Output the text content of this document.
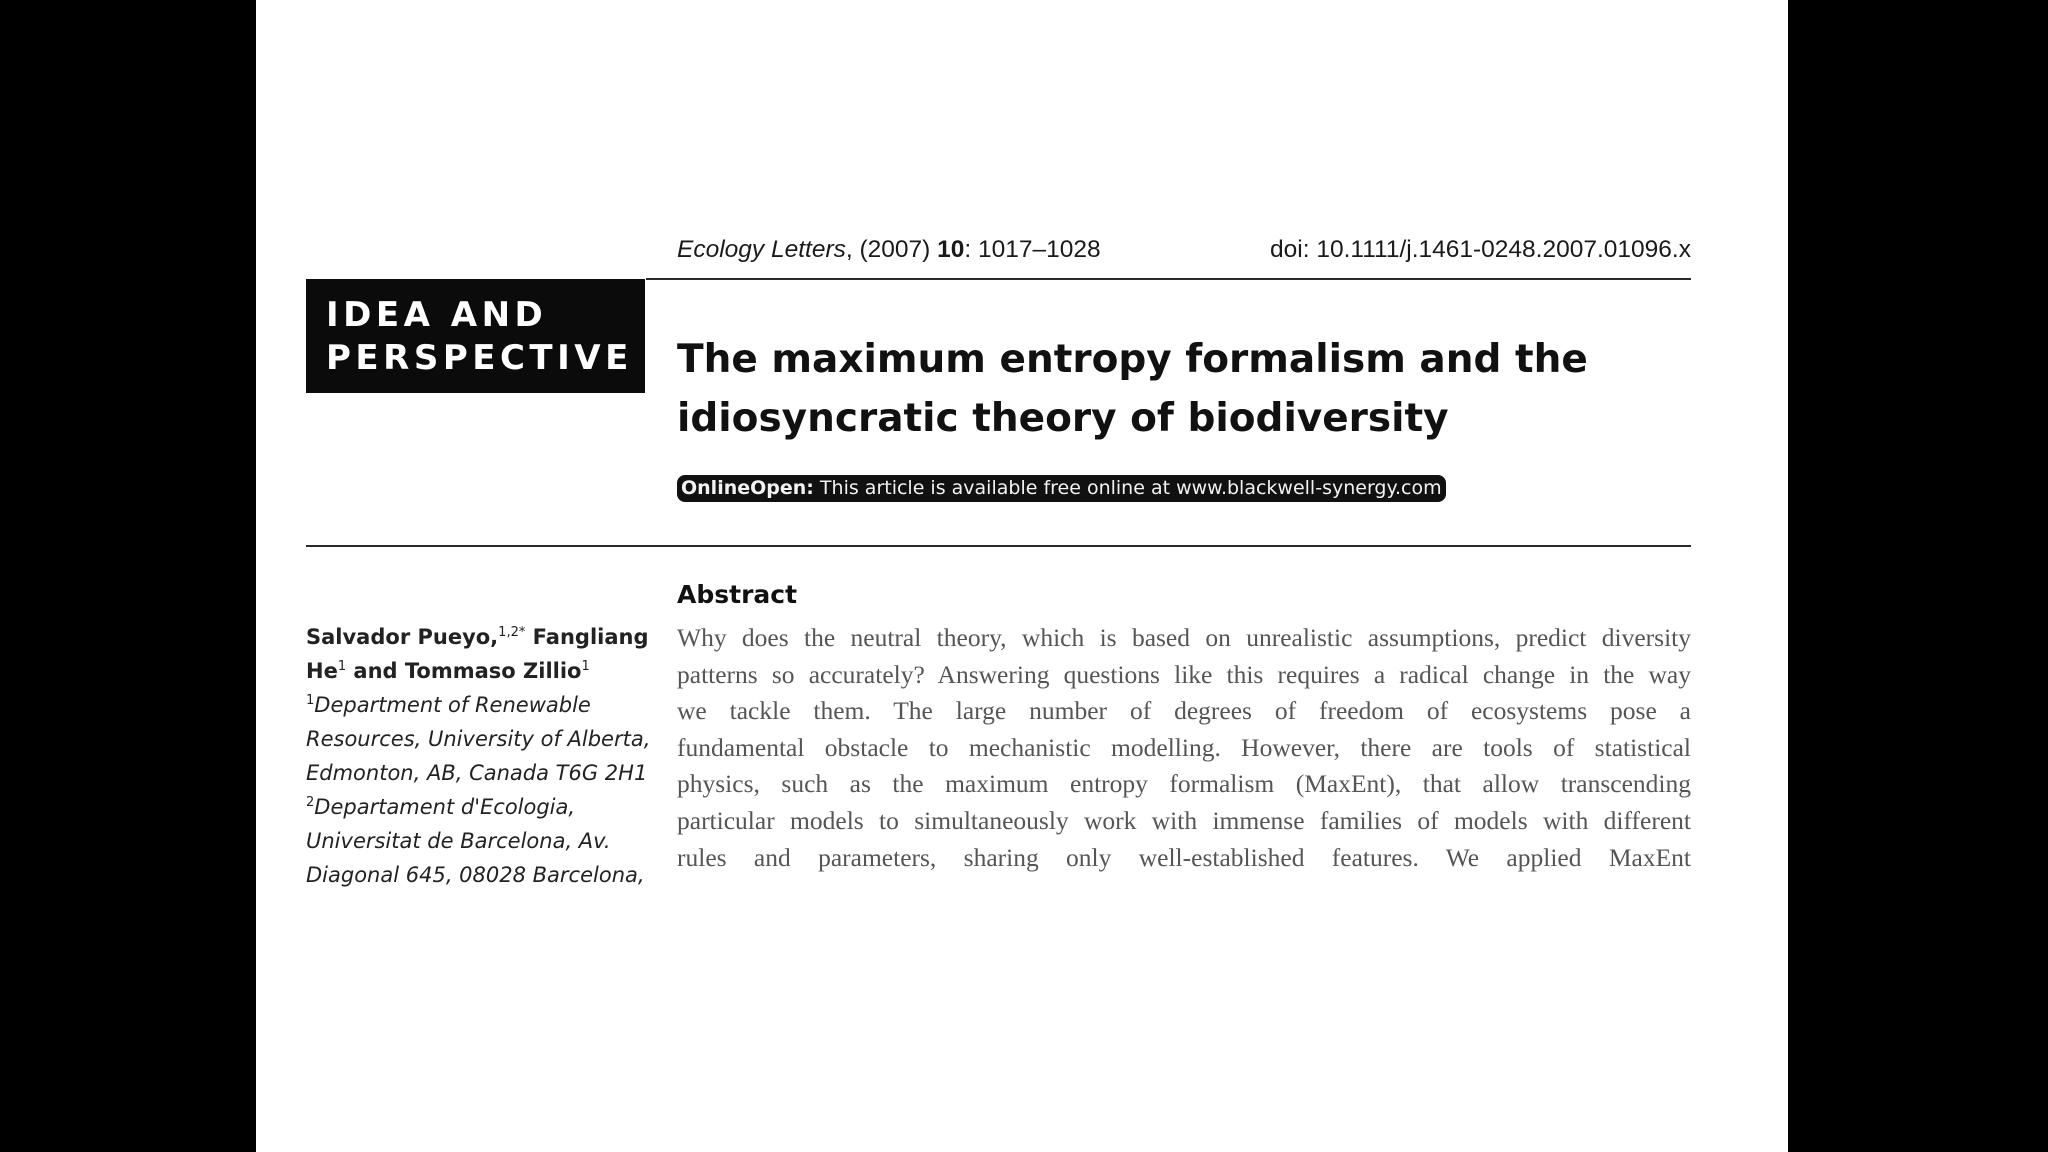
Ecology Letters, (2007) 10: 1017–1028	doi: 10.1111/j.1461-0248.2007.01096.x
IDEA AND
PERSPECTIVE	The maximum entropy formalism and the
idiosyncratic theory of biodiversity
OnlineOpen: This article is available free online at www.blackwell-synergy.com
Abstract
Why does the neutral theory, which is based on unrealistic assumptions, predict diversity
patterns so accurately? Answering questions like this requires a radical change in the way
we tackle them. The large number of degrees of freedom of ecosystems pose a
fundamental obstacle to mechanistic modelling. However, there are tools of statistical
physics, such as the maximum entropy formalism (MaxEnt), that allow transcending
particular models to simultaneously work with immense families of models with different
rules and parameters, sharing only well-established features. We applied MaxEnt
Salvador Pueyo,$^{1,2*}$ Fangliang
He$^1$ and Tommaso Zillio$^1$
$^1$Department of Renewable
Resources, University of Alberta,
Edmonton, AB, Canada T6G 2H1
$^2$Departament d'Ecologia,
Universitat de Barcelona, Av.
Diagonal 645, 08028 Barcelona,
